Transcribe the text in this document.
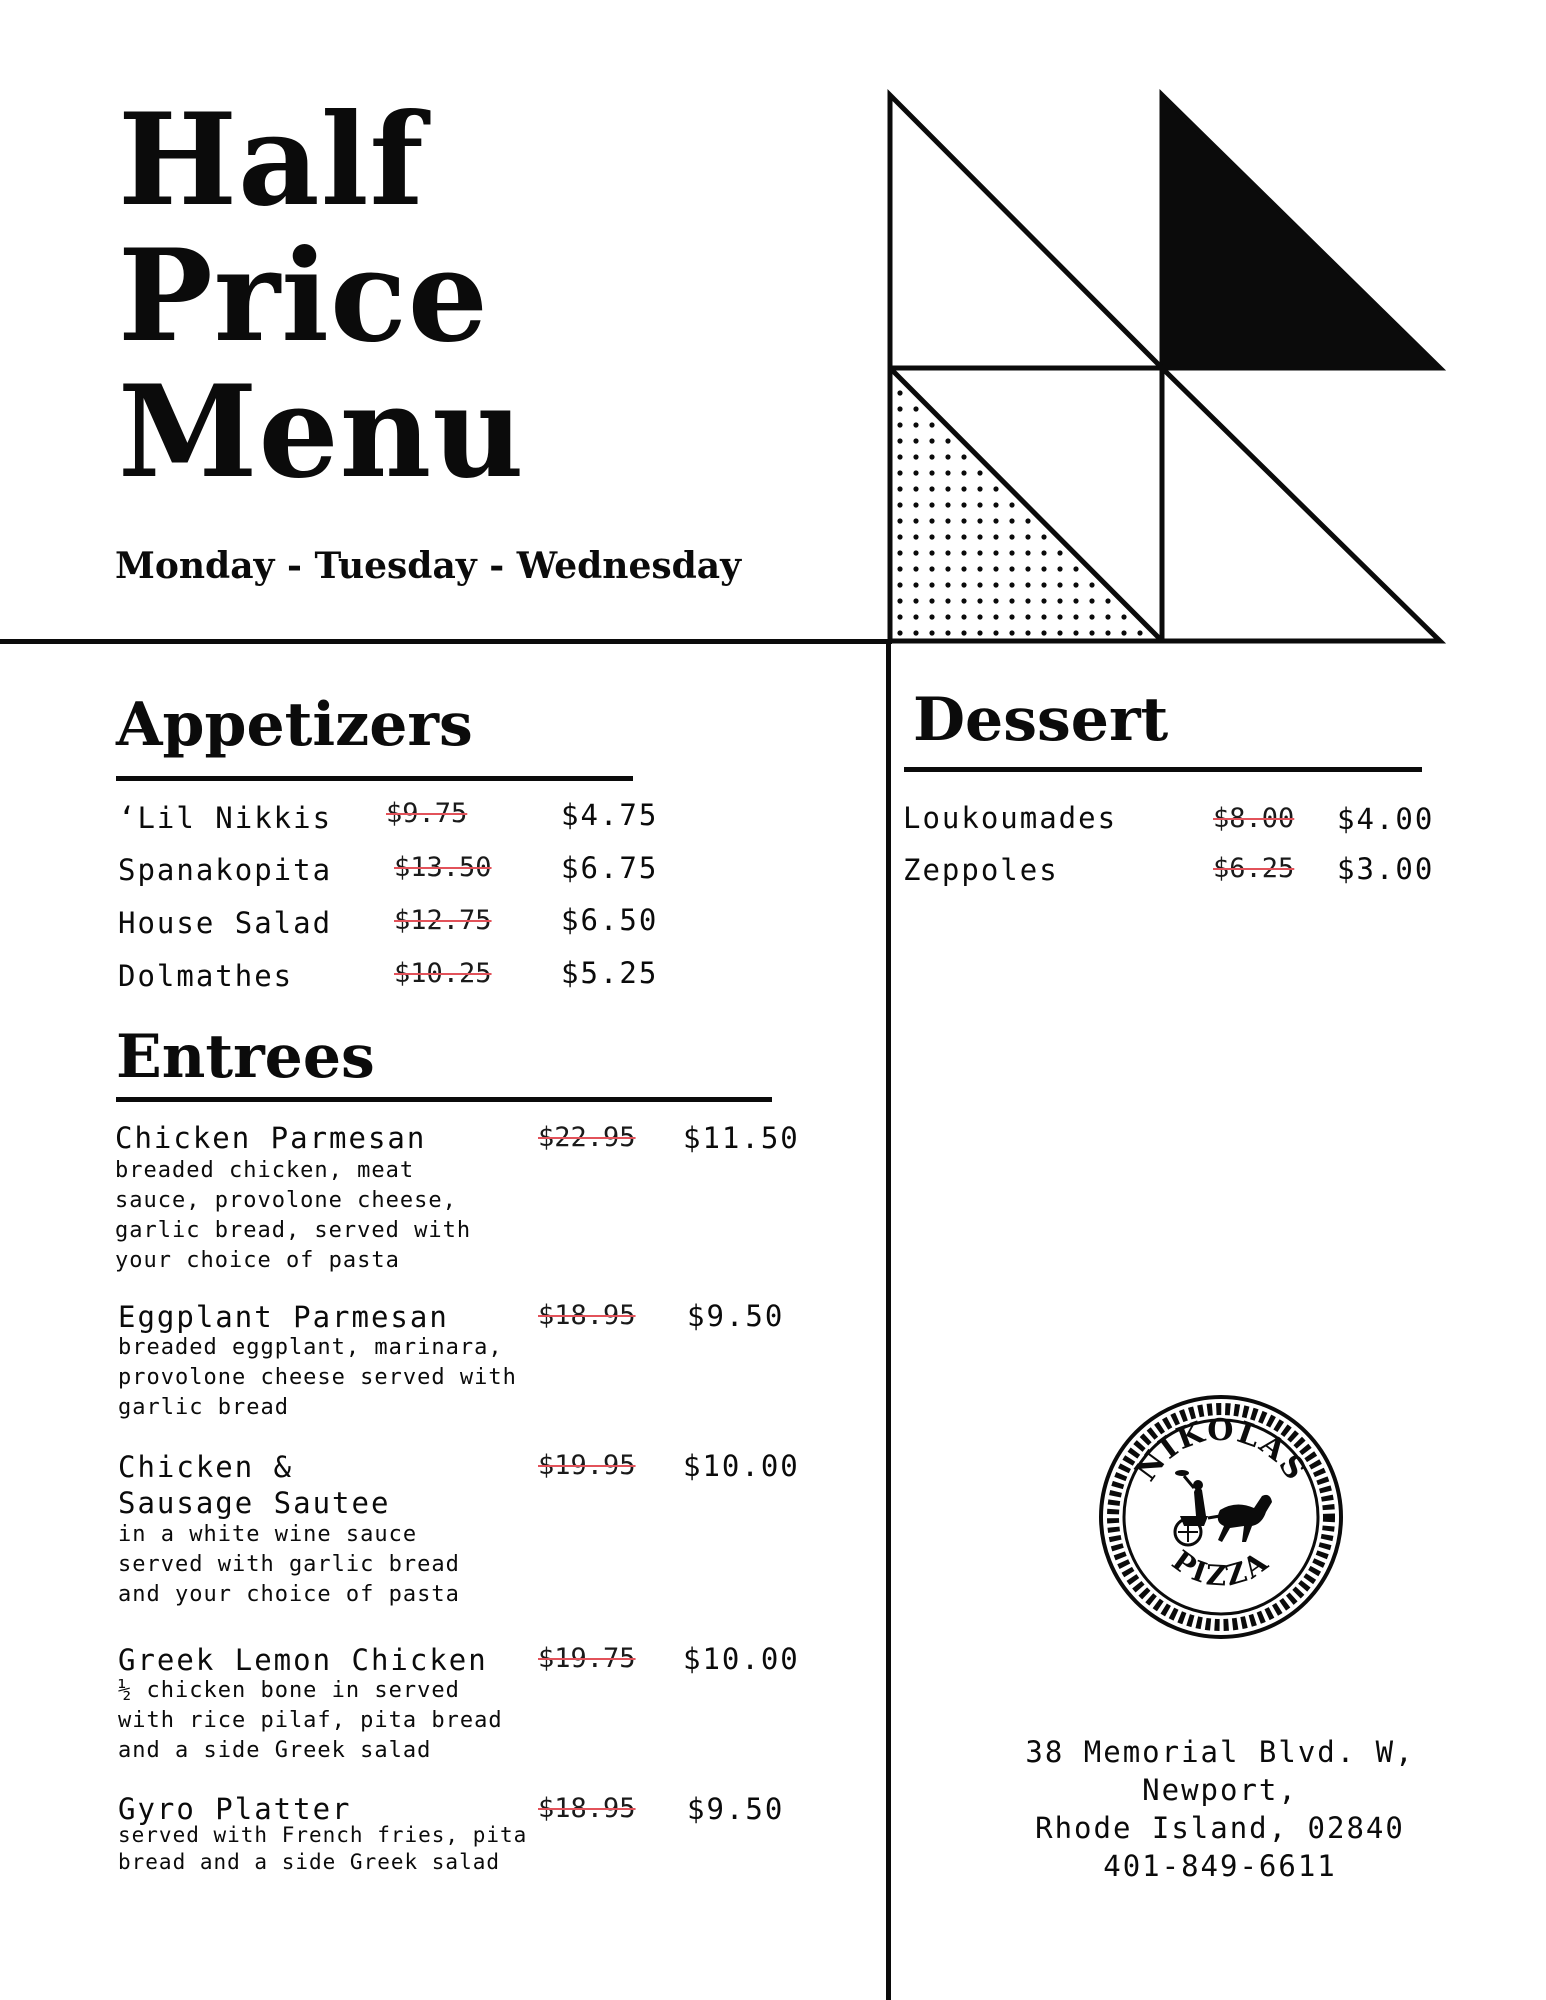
Half
Price
Menu
Monday - Tuesday - Wednesday
Appetizers
‘Lil Nikkis $9.75	$4.75
Spanakopita $13.50 $6.75
House Salad $12.75 $6.50
Dolmathes	$10.25 $5.25
Entrees
Chicken Parmesan
breaded chicken, meat sauce, provolone cheese, garlic bread, served with your choice of pasta
$22.95 $11.50
Eggplant Parmesan
breaded eggplant, marinara, provolone cheese served with garlic bread
$18.95 $9.50
Chicken & Sausage Sautee
in a white wine sauce served with garlic bread and your choice of pasta
$19.95 $10.00
Greek Lemon Chicken
½ chicken bone in served with rice pilaf, pita bread and a side Greek salad
$19.75 $10.00
Gyro Platter
served with French fries, pita bread and a side Greek salad
$18.95 $9.50
Dessert
Loukoumades	$8.00 $4.00
Zeppoles	$6.25 $3.00
NIKOLAS
PIZZA
38 Memorial Blvd. W, Newport,
Rhode Island, 02840
401-849-6611
